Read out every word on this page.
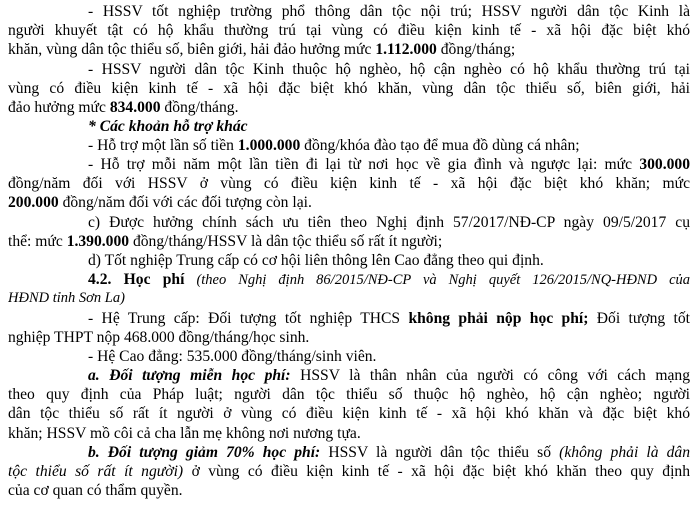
- HSSV tốt nghiệp trường phổ thông dân tộc nội trú; HSSV người dân tộc Kinh là
người khuyết tật có hộ khẩu thường trú tại vùng có điều kiện kinh tế - xã hội đặc biệt khó
khăn, vùng dân tộc thiểu số, biên giới, hải đảo hưởng mức 1.112.000 đồng/tháng;
- HSSV người dân tộc Kinh thuộc hộ nghèo, hộ cận nghèo có hộ khẩu thường trú tại
vùng có điều kiện kinh tế - xã hội đặc biệt khó khăn, vùng dân tộc thiểu số, biên giới, hải
đảo hưởng mức 834.000 đồng/tháng.
* Các khoản hỗ trợ khác
- Hỗ trợ một lần số tiền 1.000.000 đồng/khóa đào tạo để mua đồ dùng cá nhân;
- Hỗ trợ mỗi năm một lần tiền đi lại từ nơi học về gia đình và ngược lại: mức 300.000
đồng/năm đối với HSSV ở vùng có điều kiện kinh tế - xã hội đặc biệt khó khăn; mức
200.000 đồng/năm đối với các đối tượng còn lại.
c) Được hưởng chính sách ưu tiên theo Nghị định 57/2017/NĐ-CP ngày 09/5/2017 cụ
thể: mức 1.390.000 đồng/tháng/HSSV là dân tộc thiểu số rất ít người;
d) Tốt nghiệp Trung cấp có cơ hội liên thông lên Cao đẳng theo qui định.
4.2. Học phí (theo Nghị định 86/2015/NĐ-CP và Nghị quyết 126/2015/NQ-HĐND của
HĐND tỉnh Sơn La)
- Hệ Trung cấp: Đối tượng tốt nghiệp THCS không phải nộp học phí; Đối tượng tốt
nghiệp THPT nộp 468.000 đồng/tháng/học sinh.
- Hệ Cao đẳng: 535.000 đồng/tháng/sinh viên.
a. Đối tượng miễn học phí: HSSV là thân nhân của người có công với cách mạng
theo quy định của Pháp luật; người dân tộc thiểu số thuộc hộ nghèo, hộ cận nghèo; người
dân tộc thiểu số rất ít người ở vùng có điều kiện kinh tế - xã hội khó khăn và đặc biệt khó
khăn; HSSV mồ côi cả cha lẫn mẹ không nơi nương tựa.
b. Đối tượng giảm 70% học phí: HSSV là người dân tộc thiểu số (không phải là dân
tộc thiểu số rất ít người) ở vùng có điều kiện kinh tế - xã hội đặc biệt khó khăn theo quy định
của cơ quan có thẩm quyền.
